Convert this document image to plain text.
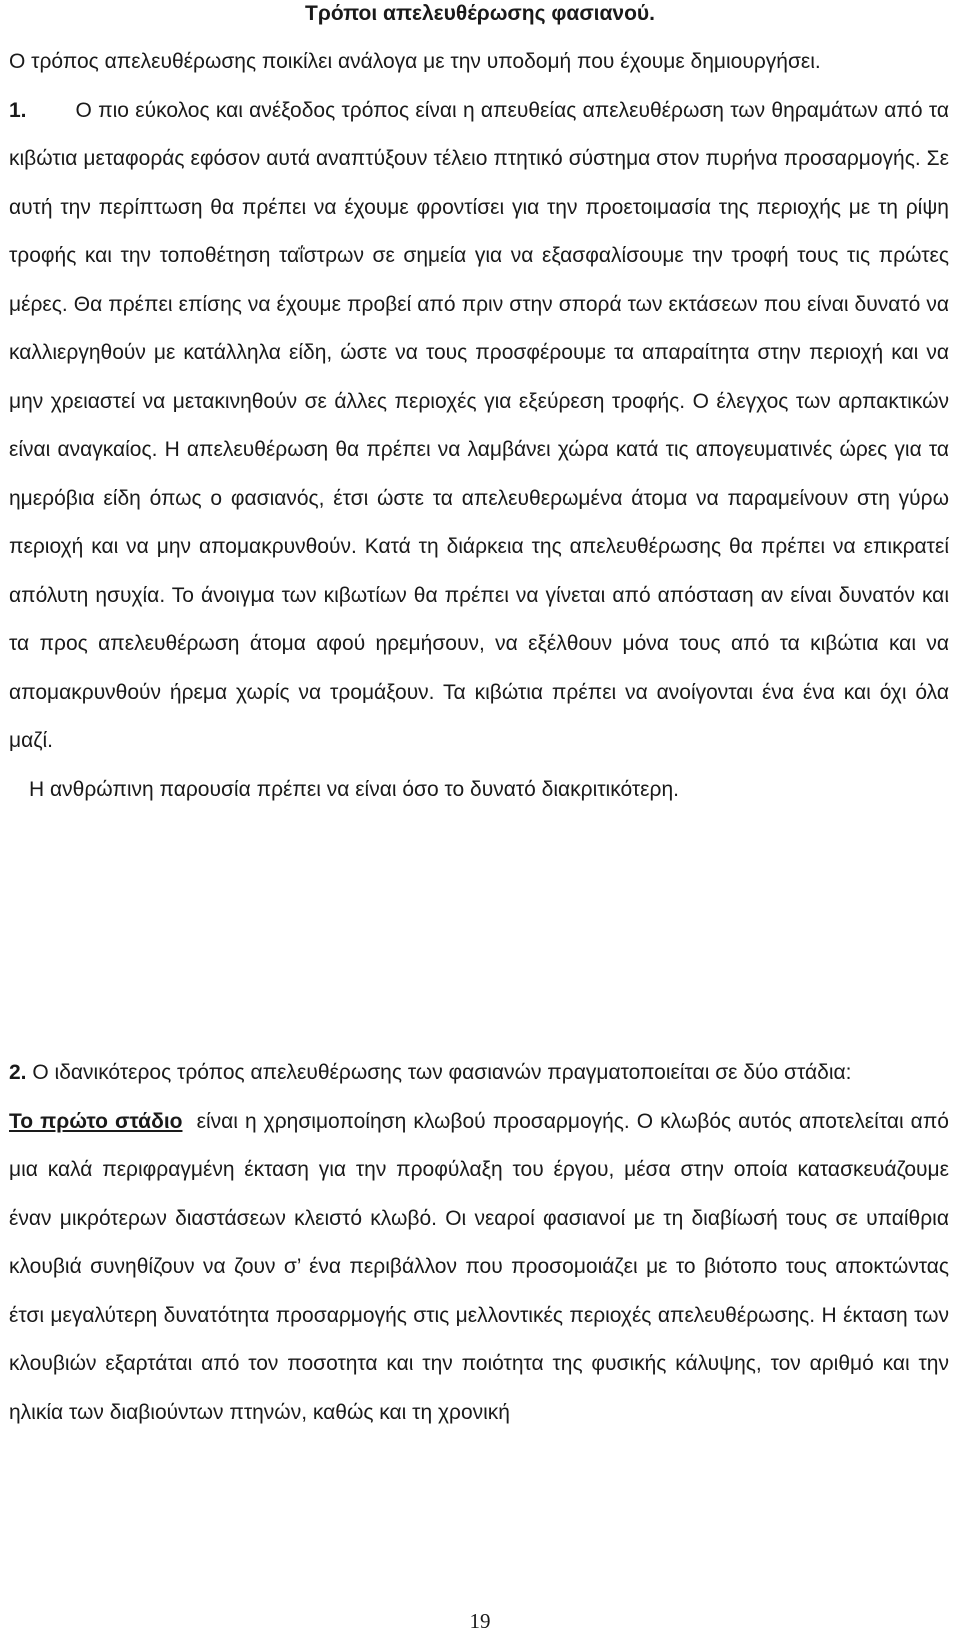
Τρόποι απελευθέρωσης φασιανού.

Ο τρόπος απελευθέρωσης ποικίλει ανάλογα με την υποδομή που έχουμε δημιουργήσει.

1. Ο πιο εύκολος και ανέξοδος τρόπος είναι η απευθείας απελευθέρωση των θηραμάτων από τα κιβώτια μεταφοράς εφόσον αυτά αναπτύξουν τέλειο πτητικό σύστημα στον πυρήνα προσαρμογής. Σε αυτή την περίπτωση θα πρέπει να έχουμε φροντίσει για την προετοιμασία της περιοχής με τη ρίψη τροφής και την τοποθέτηση ταΐστρων σε σημεία για να εξασφαλίσουμε την τροφή τους τις πρώτες μέρες. Θα πρέπει επίσης να έχουμε προβεί από πριν στην σπορά των εκτάσεων που είναι δυνατό να καλλιεργηθούν με κατάλληλα είδη, ώστε να τους προσφέρουμε τα απαραίτητα στην περιοχή και να μην χρειαστεί να μετακινηθούν σε άλλες περιοχές για εξεύρεση τροφής. Ο έλεγχος των αρπακτικών είναι αναγκαίος. Η απελευθέρωση θα πρέπει να λαμβάνει χώρα κατά τις απογευματινές ώρες για τα ημερόβια είδη όπως ο φασιανός, έτσι ώστε τα απελευθερωμένα άτομα να παραμείνουν στη γύρω περιοχή και να μην απομακρυνθούν. Κατά τη διάρκεια της απελευθέρωσης θα πρέπει να επικρατεί απόλυτη ησυχία. Το άνοιγμα των κιβωτίων θα πρέπει να γίνεται από απόσταση αν είναι δυνατόν και τα προς απελευθέρωση άτομα αφού ηρεμήσουν, να εξέλθουν μόνα τους από τα κιβώτια και να απομακρυνθούν ήρεμα χωρίς να τρομάξουν. Τα κιβώτια πρέπει να ανοίγονται ένα ένα και όχι όλα μαζί.

Η ανθρώπινη παρουσία πρέπει να είναι όσο το δυνατό διακριτικότερη.

2. Ο ιδανικότερος τρόπος απελευθέρωσης των φασιανών πραγματοποιείται σε δύο στάδια:

Το πρώτο στάδιο είναι η χρησιμοποίηση κλωβού προσαρμογής. Ο κλωβός αυτός αποτελείται από μια καλά περιφραγμένη έκταση για την προφύλαξη του έργου, μέσα στην οποία κατασκευάζουμε έναν μικρότερων διαστάσεων κλειστό κλωβό. Οι νεαροί φασιανοί με τη διαβίωσή τους σε υπαίθρια κλουβιά συνηθίζουν να ζουν σ’ ένα περιβάλλον που προσομοιάζει με το βιότοπο τους αποκτώντας έτσι μεγαλύτερη δυνατότητα προσαρμογής στις μελλοντικές περιοχές απελευθέρωσης. Η έκταση των κλουβιών εξαρτάται από τον ποσοτητα και την ποιότητα της φυσικής κάλυψης, τον αριθμό και την ηλικία των διαβιούντων πτηνών, καθώς και τη χρονική

19
